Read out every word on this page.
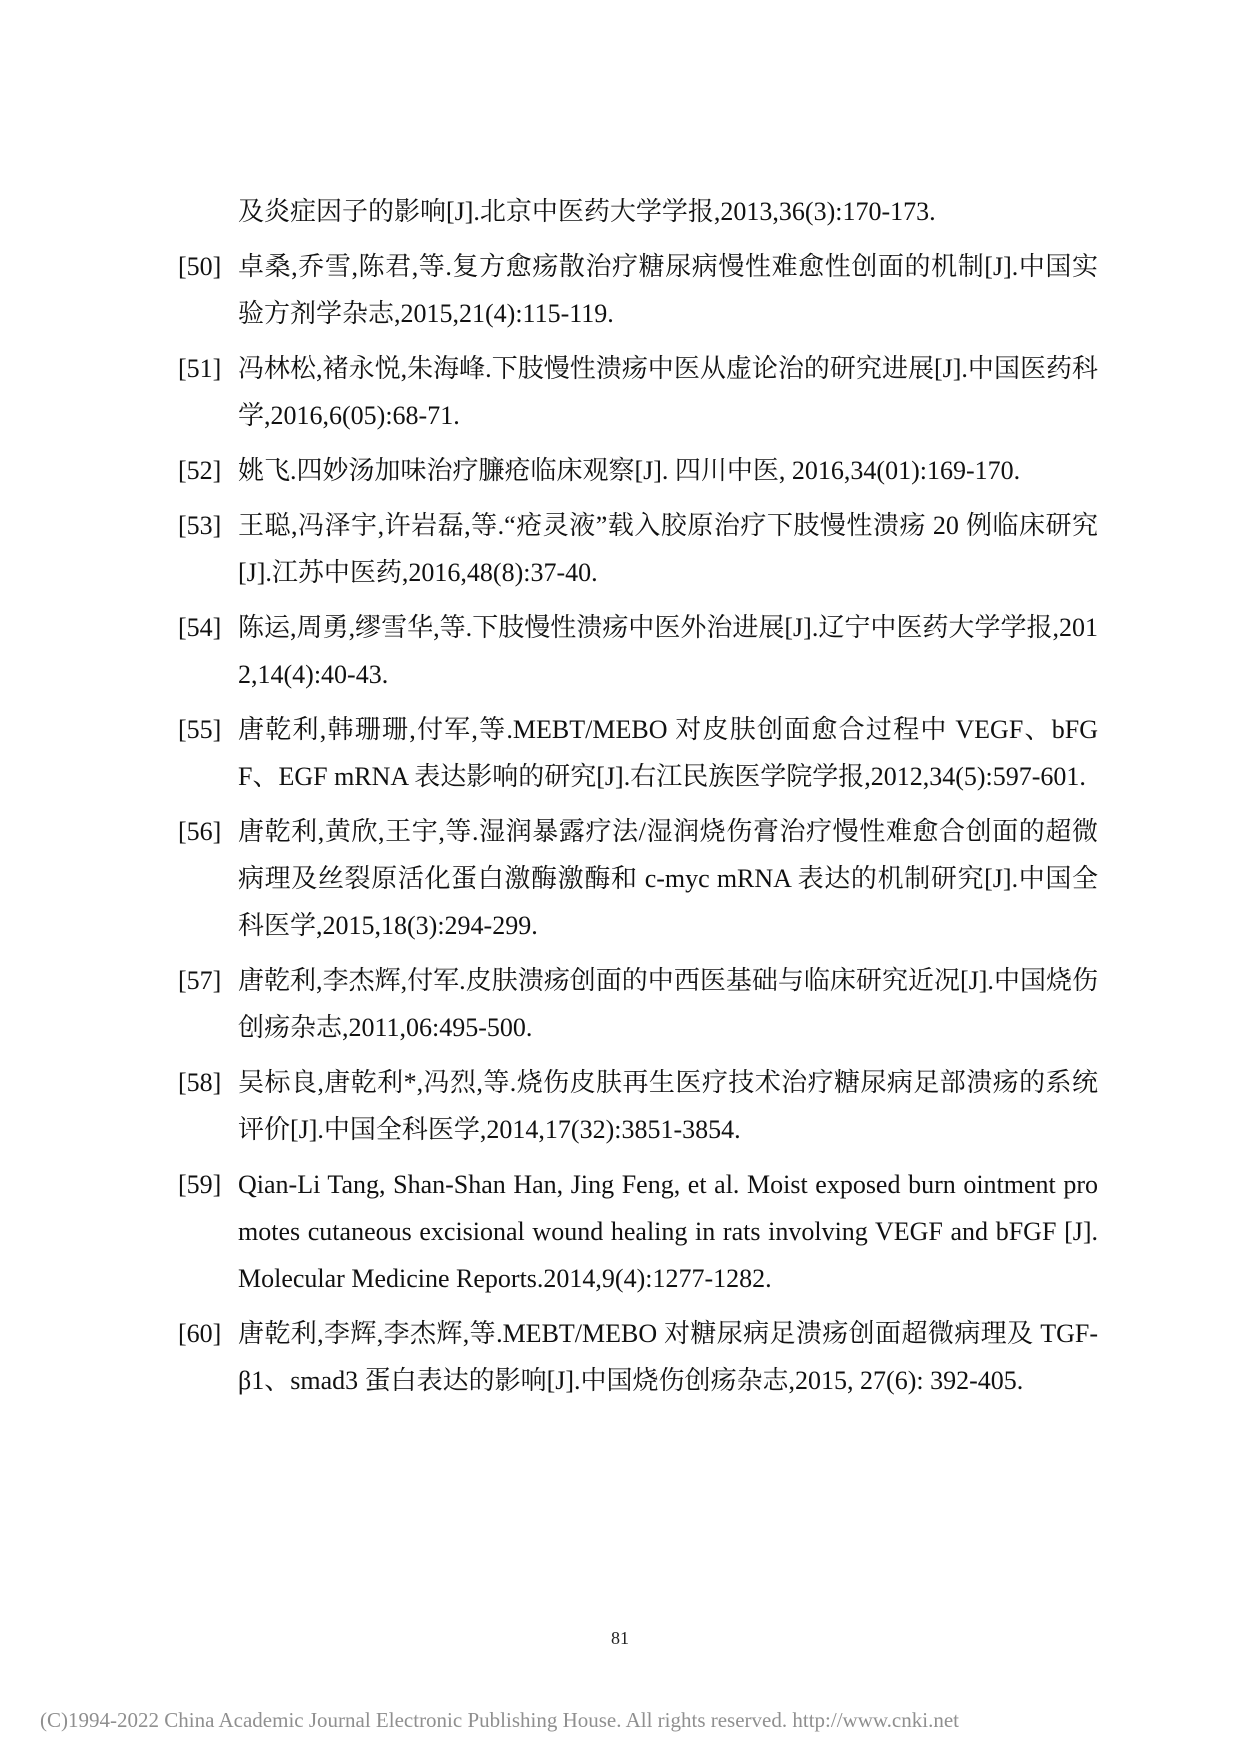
及炎症因子的影响[J].北京中医药大学学报,2013,36(3):170-173.
[50] 卓桑,乔雪,陈君,等.复方愈疡散治疗糖尿病慢性难愈性创面的机制[J].中国实验方剂学杂志,2015,21(4):115-119.
[51] 冯林松,褚永悦,朱海峰.下肢慢性溃疡中医从虚论治的研究进展[J].中国医药科学,2016,6(05):68-71.
[52] 姚飞.四妙汤加味治疗臁疮临床观察[J]. 四川中医, 2016,34(01):169-170.
[53] 王聪,冯泽宇,许岩磊,等.“疮灵液”载入胶原治疗下肢慢性溃疡 20 例临床研究[J].江苏中医药,2016,48(8):37-40.
[54] 陈运,周勇,缪雪华,等.下肢慢性溃疡中医外治进展[J].辽宁中医药大学学报,2012,14(4):40-43.
[55] 唐乾利,韩珊珊,付军,等.MEBT/MEBO 对皮肤创面愈合过程中 VEGF、bFGF、EGF mRNA 表达影响的研究[J].右江民族医学院学报,2012,34(5):597-601.
[56] 唐乾利,黄欣,王宇,等.湿润暴露疗法/湿润烧伤膏治疗慢性难愈合创面的超微病理及丝裂原活化蛋白激酶激酶和 c-myc mRNA 表达的机制研究[J].中国全科医学,2015,18(3):294-299.
[57] 唐乾利,李杰辉,付军.皮肤溃疡创面的中西医基础与临床研究近况[J].中国烧伤创疡杂志,2011,06:495-500.
[58] 吴标良,唐乾利*,冯烈,等.烧伤皮肤再生医疗技术治疗糖尿病足部溃疡的系统评价[J].中国全科医学,2014,17(32):3851-3854.
[59] Qian-Li Tang, Shan-Shan Han, Jing Feng, et al. Moist exposed burn ointment promotes cutaneous excisional wound healing in rats involving VEGF and bFGF [J].Molecular Medicine Reports.2014,9(4):1277-1282.
[60] 唐乾利,李辉,李杰辉,等.MEBT/MEBO 对糖尿病足溃疡创面超微病理及 TGF-β1、smad3 蛋白表达的影响[J].中国烧伤创疡杂志,2015, 27(6): 392-405.
81
(C)1994-2022 China Academic Journal Electronic Publishing House. All rights reserved. http://www.cnki.net
